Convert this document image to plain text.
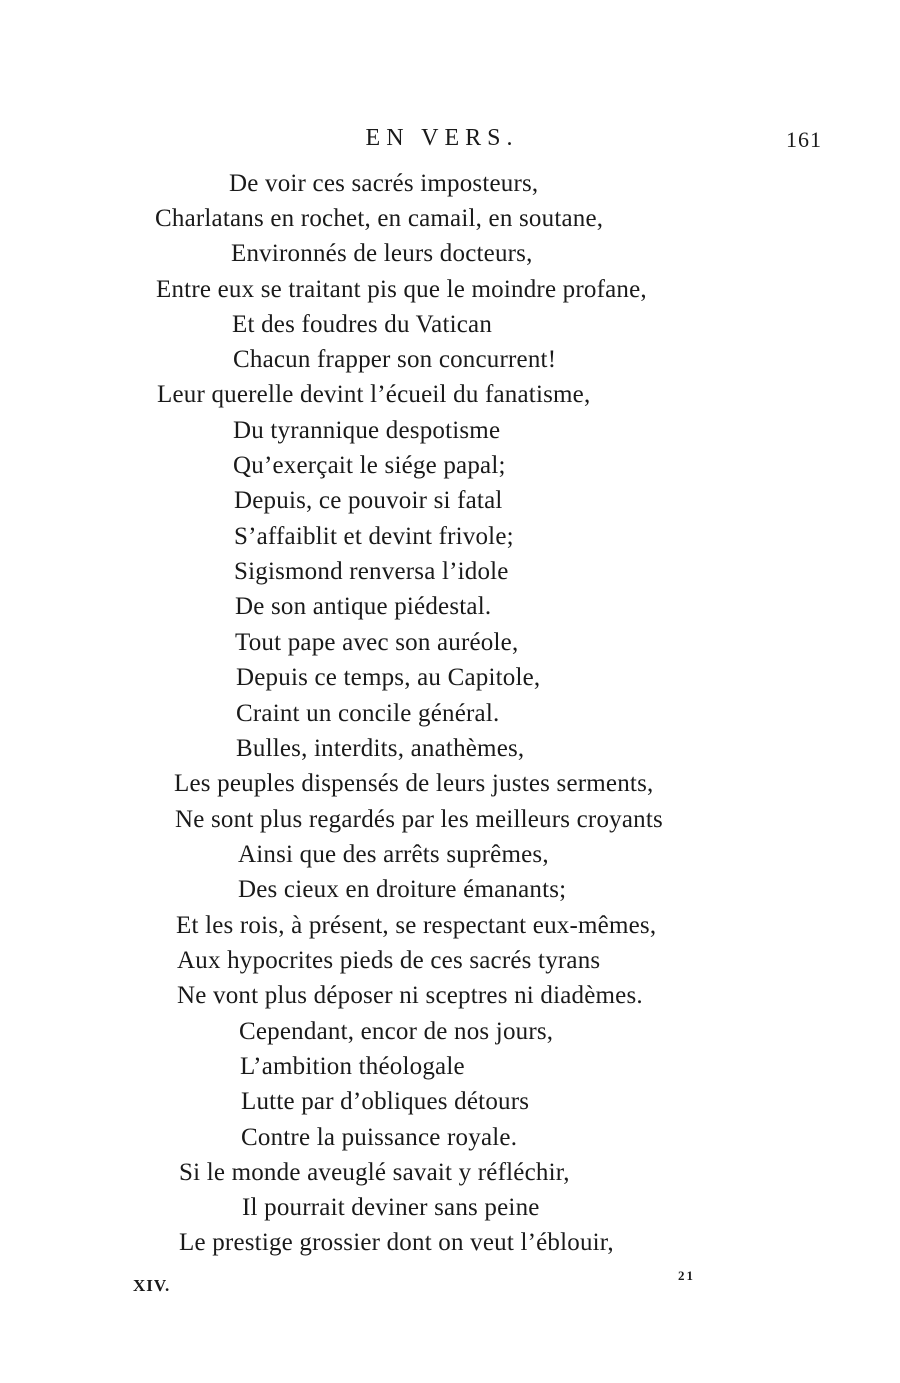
EN VERS.	161
De voir ces sacrés imposteurs,
Charlatans en rochet, en camail, en soutane,
Environnés de leurs docteurs,
Entre eux se traitant pis que le moindre profane,
Et des foudres du Vatican
Chacun frapper son concurrent!
Leur querelle devint l’écueil du fanatisme,
Du tyrannique despotisme
Qu’exerçait le siége papal;
Depuis, ce pouvoir si fatal
S’affaiblit et devint frivole;
Sigismond renversa l’idole
De son antique piédestal.
Tout pape avec son auréole,
Depuis ce temps, au Capitole,
Craint un concile général.
Bulles, interdits, anathèmes,
Les peuples dispensés de leurs justes serments,
Ne sont plus regardés par les meilleurs croyants
Ainsi que des arrêts suprêmes,
Des cieux en droiture émanants;
Et les rois, à présent, se respectant eux-mêmes,
Aux hypocrites pieds de ces sacrés tyrans
Ne vont plus déposer ni sceptres ni diadèmes.
Cependant, encor de nos jours,
L’ambition théologale
Lutte par d’obliques détours
Contre la puissance royale.
Si le monde aveuglé savait y réfléchir,
Il pourrait deviner sans peine
Le prestige grossier dont on veut l’éblouir,
XIV.
21
